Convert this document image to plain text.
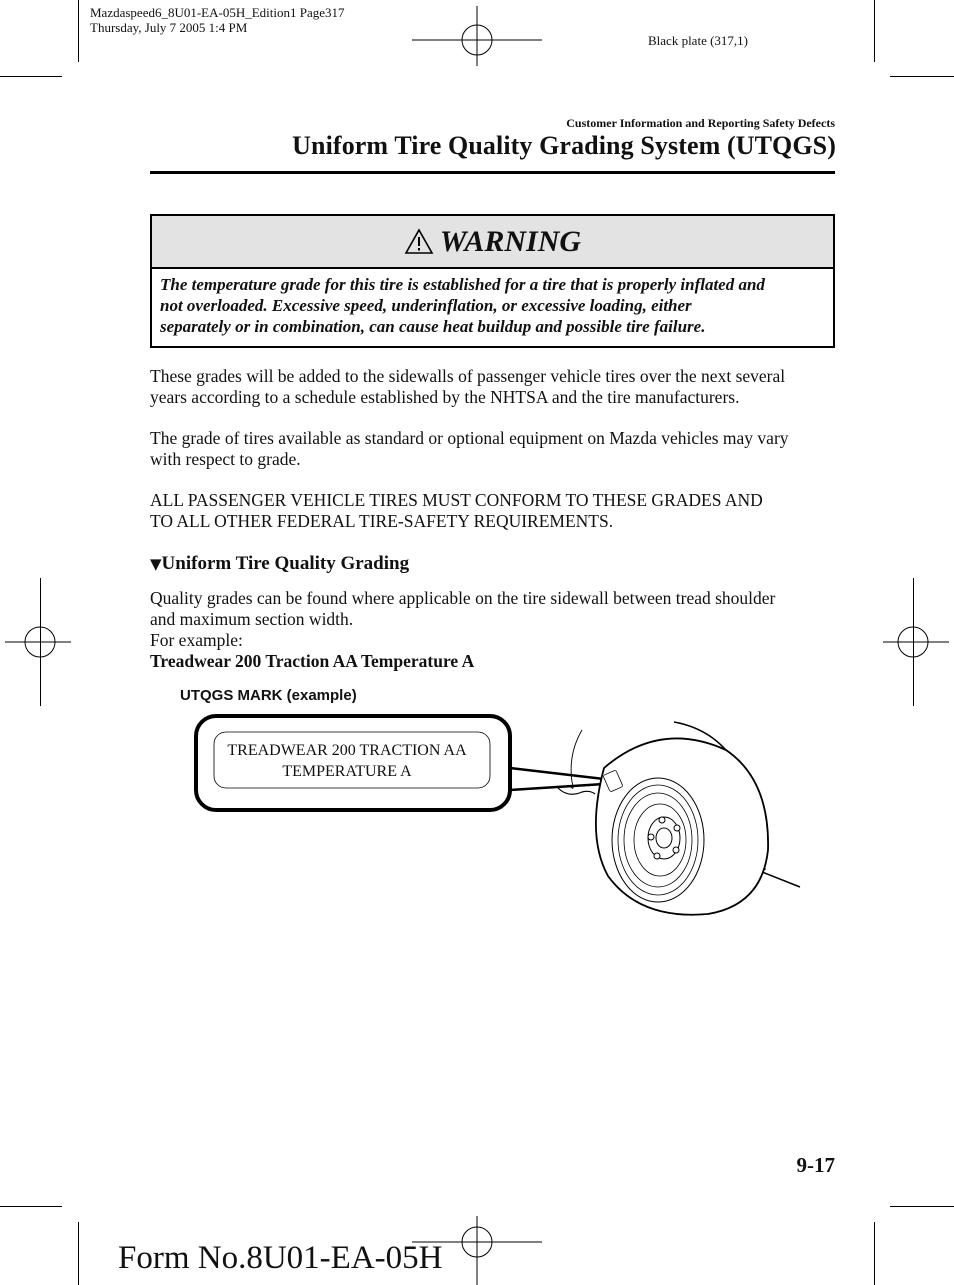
Mazdaspeed6_8U01-EA-05H_Edition1 Page317
Thursday, July 7 2005 1:4 PM
Black plate (317,1)
Customer Information and Reporting Safety Defects
Uniform Tire Quality Grading System (UTQGS)
WARNING
The temperature grade for this tire is established for a tire that is properly inflated and
not overloaded. Excessive speed, underinflation, or excessive loading, either
separately or in combination, can cause heat buildup and possible tire failure.
These grades will be added to the sidewalls of passenger vehicle tires over the next several
years according to a schedule established by the NHTSA and the tire manufacturers.
The grade of tires available as standard or optional equipment on Mazda vehicles may vary
with respect to grade.
ALL PASSENGER VEHICLE TIRES MUST CONFORM TO THESE GRADES AND
TO ALL OTHER FEDERAL TIRE-SAFETY REQUIREMENTS.
▼Uniform Tire Quality Grading
Quality grades can be found where applicable on the tire sidewall between tread shoulder
and maximum section width.
For example:
Treadwear 200 Traction AA Temperature A
UTQGS MARK (example)
TREADWEAR 200 TRACTION AA
TEMPERATURE A
9-17
Form No.8U01-EA-05H
